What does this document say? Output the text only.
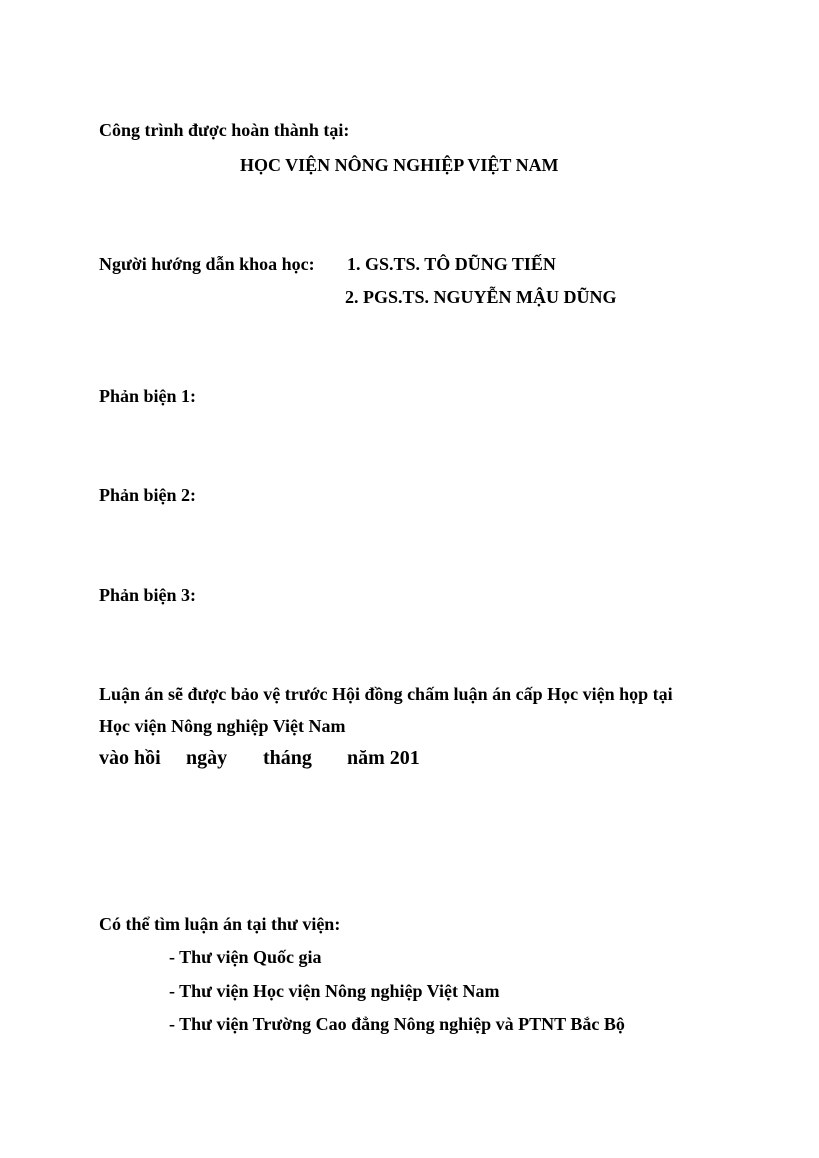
Công trình được hoàn thành tại:

HỌC VIỆN NÔNG NGHIỆP VIỆT NAM

Người hướng dẫn khoa học: 1. GS.TS. TÔ DŨNG TIẾN

2. PGS.TS. NGUYỄN MẬU DŨNG

Phản biện 1:

Phản biện 2:

Phản biện 3:

Luận án sẽ được bảo vệ trước Hội đồng chấm luận án cấp Học viện họp tại

Học viện Nông nghiệp Việt Nam

vào hồi ngày tháng năm 201

Có thể tìm luận án tại thư viện:

- Thư viện Quốc gia

- Thư viện Học viện Nông nghiệp Việt Nam

- Thư viện Trường Cao đẳng Nông nghiệp và PTNT Bắc Bộ
